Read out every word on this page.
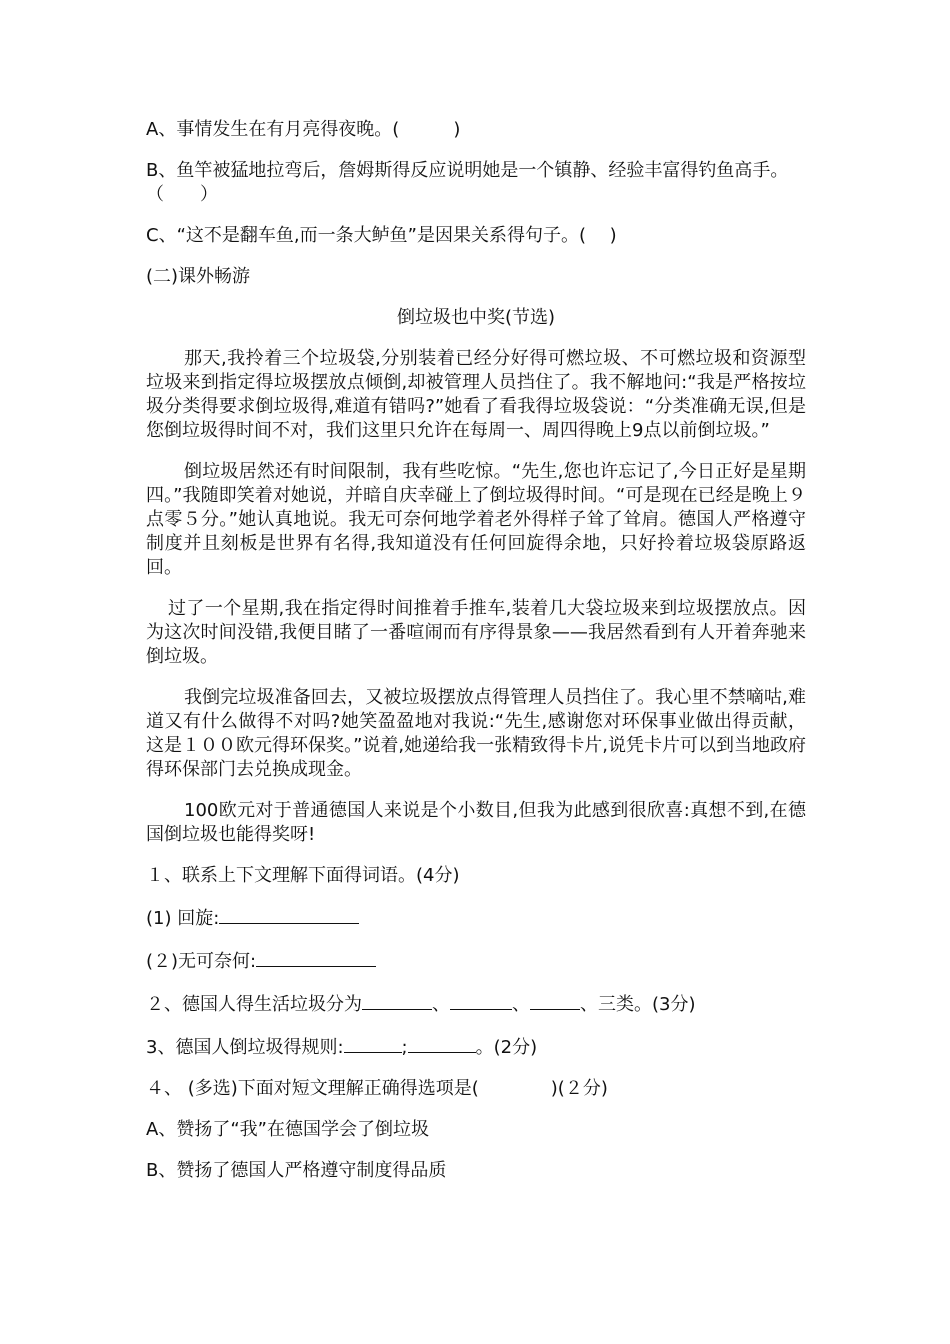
A、事情发生在有月亮得夜晚。(　　　)

B、鱼竿被猛地拉弯后，詹姆斯得反应说明她是一个镇静、经验丰富得钓鱼高手。（　　）

C、“这不是翻车鱼,而一条大鲈鱼”是因果关系得句子。(　 )

(二)课外畅游

倒垃圾也中奖(节选)

那天,我拎着三个垃圾袋,分别装着已经分好得可燃垃圾、不可燃垃圾和资源型垃圾来到指定得垃圾摆放点倾倒,却被管理人员挡住了。我不解地问:“我是严格按垃圾分类得要求倒垃圾得,难道有错吗?”她看了看我得垃圾袋说：“分类准确无误,但是您倒垃圾得时间不对，我们这里只允许在每周一、周四得晚上9点以前倒垃圾。”

倒垃圾居然还有时间限制，我有些吃惊。“先生,您也许忘记了,今日正好是星期四。”我随即笑着对她说，并暗自庆幸碰上了倒垃圾得时间。“可是现在已经是晚上９点零５分。”她认真地说。我无可奈何地学着老外得样子耸了耸肩。德国人严格遵守制度并且刻板是世界有名得,我知道没有任何回旋得余地，只好拎着垃圾袋原路返回。

过了一个星期,我在指定得时间推着手推车,装着几大袋垃圾来到垃圾摆放点。因为这次时间没错,我便目睹了一番喧闹而有序得景象——我居然看到有人开着奔驰来倒垃圾。

我倒完垃圾准备回去，又被垃圾摆放点得管理人员挡住了。我心里不禁嘀咕,难道又有什么做得不对吗?她笑盈盈地对我说:“先生,感谢您对环保事业做出得贡献，这是１００欧元得环保奖。”说着,她递给我一张精致得卡片,说凭卡片可以到当地政府得环保部门去兑换成现金。

100欧元对于普通德国人来说是个小数目,但我为此感到很欣喜:真想不到,在德国倒垃圾也能得奖呀!

１、联系上下文理解下面得词语。(4分)

(1) 回旋:

(２)无可奈何:

２、德国人得生活垃圾分为	、	、	、三类。(3分)

3、德国人倒垃圾得规则:	;	。(2分)

４、 (多选)下面对短文理解正确得选项是(　　　　)(２分)

A、赞扬了“我”在德国学会了倒垃圾

B、赞扬了德国人严格遵守制度得品质
